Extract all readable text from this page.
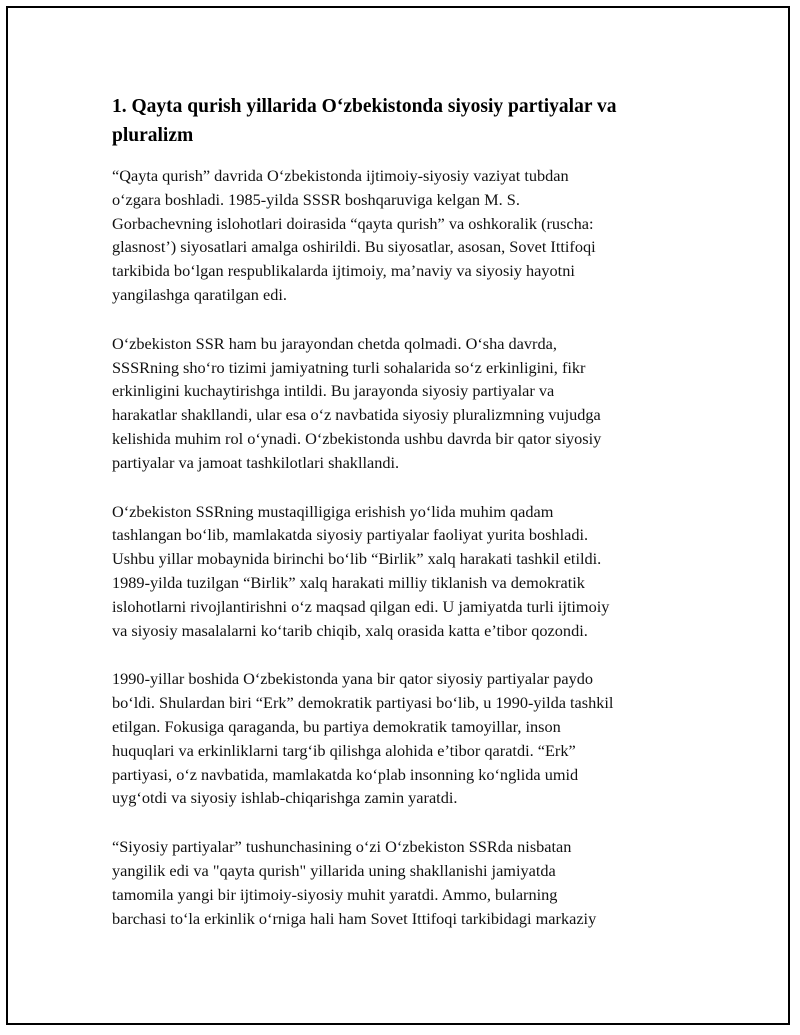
1. Qayta qurish yillarida O‘zbekistonda siyosiy partiyalar va pluralizm

“Qayta qurish” davrida O‘zbekistonda ijtimoiy-siyosiy vaziyat tubdan
o‘zgara boshladi. 1985-yilda SSSR boshqaruviga kelgan M. S.
Gorbachevning islohotlari doirasida “qayta qurish” va oshkoralik (ruscha:
glasnost’) siyosatlari amalga oshirildi. Bu siyosatlar, asosan, Sovet Ittifoqi
tarkibida bo‘lgan respublikalarda ijtimoiy, ma’naviy va siyosiy hayotni
yangilashga qaratilgan edi.

O‘zbekiston SSR ham bu jarayondan chetda qolmadi. O‘sha davrda,
SSSRning sho‘ro tizimi jamiyatning turli sohalarida so‘z erkinligini, fikr
erkinligini kuchaytirishga intildi. Bu jarayonda siyosiy partiyalar va
harakatlar shakllandi, ular esa o‘z navbatida siyosiy pluralizmning vujudga
kelishida muhim rol o‘ynadi. O‘zbekistonda ushbu davrda bir qator siyosiy
partiyalar va jamoat tashkilotlari shakllandi.

O‘zbekiston SSRning mustaqilligiga erishish yo‘lida muhim qadam
tashlangan bo‘lib, mamlakatda siyosiy partiyalar faoliyat yurita boshladi.
Ushbu yillar mobaynida birinchi bo‘lib “Birlik” xalq harakati tashkil etildi.
1989-yilda tuzilgan “Birlik” xalq harakati milliy tiklanish va demokratik
islohotlarni rivojlantirishni o‘z maqsad qilgan edi. U jamiyatda turli ijtimoiy
va siyosiy masalalarni ko‘tarib chiqib, xalq orasida katta e’tibor qozondi.

1990-yillar boshida O‘zbekistonda yana bir qator siyosiy partiyalar paydo
bo‘ldi. Shulardan biri “Erk” demokratik partiyasi bo‘lib, u 1990-yilda tashkil
etilgan. Fokusiga qaraganda, bu partiya demokratik tamoyillar, inson
huquqlari va erkinliklarni targ‘ib qilishga alohida e’tibor qaratdi. “Erk”
partiyasi, o‘z navbatida, mamlakatda ko‘plab insonning ko‘nglida umid
uyg‘otdi va siyosiy ishlab-chiqarishga zamin yaratdi.

“Siyosiy partiyalar” tushunchasining o‘zi O‘zbekiston SSRda nisbatan
yangilik edi va "qayta qurish" yillarida uning shakllanishi jamiyatda
tamomila yangi bir ijtimoiy-siyosiy muhit yaratdi. Ammo, bularning
barchasi to‘la erkinlik o‘rniga hali ham Sovet Ittifoqi tarkibidagi markaziy
